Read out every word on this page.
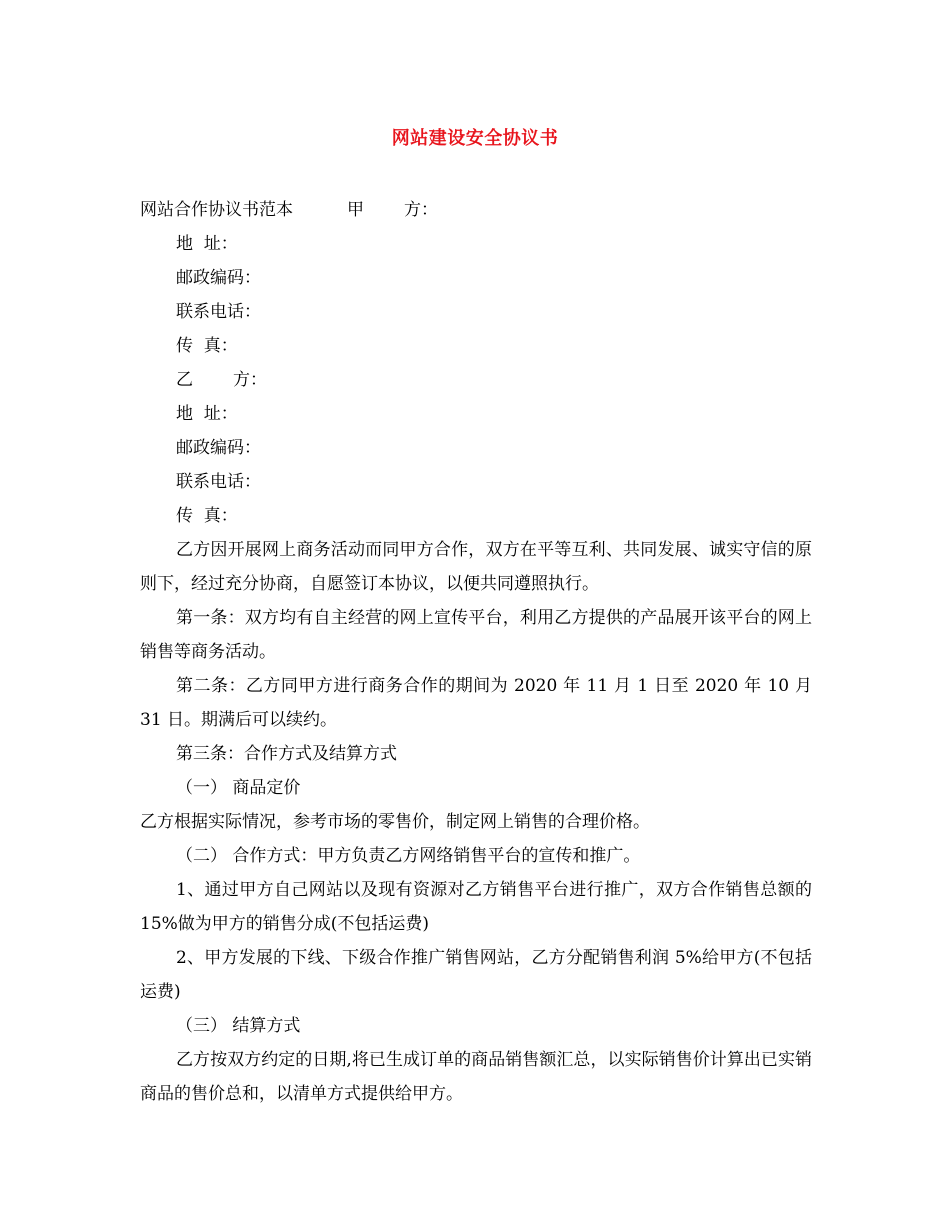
网站建设安全协议书
网站合作协议书范本	甲 方：
地  址：
邮政编码：
联系电话：
传  真：
乙 方：
地  址：
邮政编码：
联系电话：
传  真：

乙方因开展网上商务活动而同甲方合作，双方在平等互利、共同发展、诚实守信的原则下，经过充分协商，自愿签订本协议，以便共同遵照执行。

第一条：双方均有自主经营的网上宣传平台，利用乙方提供的产品展开该平台的网上销售等商务活动。

第二条：乙方同甲方进行商务合作的期间为 2020 年 11 月 1 日至 2020 年 10 月 31 日。期满后可以续约。

第三条：合作方式及结算方式

（一） 商品定价

乙方根据实际情况，参考市场的零售价，制定网上销售的合理价格。

（二） 合作方式：甲方负责乙方网络销售平台的宣传和推广。

1、通过甲方自己网站以及现有资源对乙方销售平台进行推广，双方合作销售总额的 15%做为甲方的销售分成(不包括运费)

2、甲方发展的下线、下级合作推广销售网站，乙方分配销售利润 5%给甲方(不包括运费)

（三） 结算方式

乙方按双方约定的日期,将已生成订单的商品销售额汇总，以实际销售价计算出已实销商品的售价总和，以清单方式提供给甲方。
